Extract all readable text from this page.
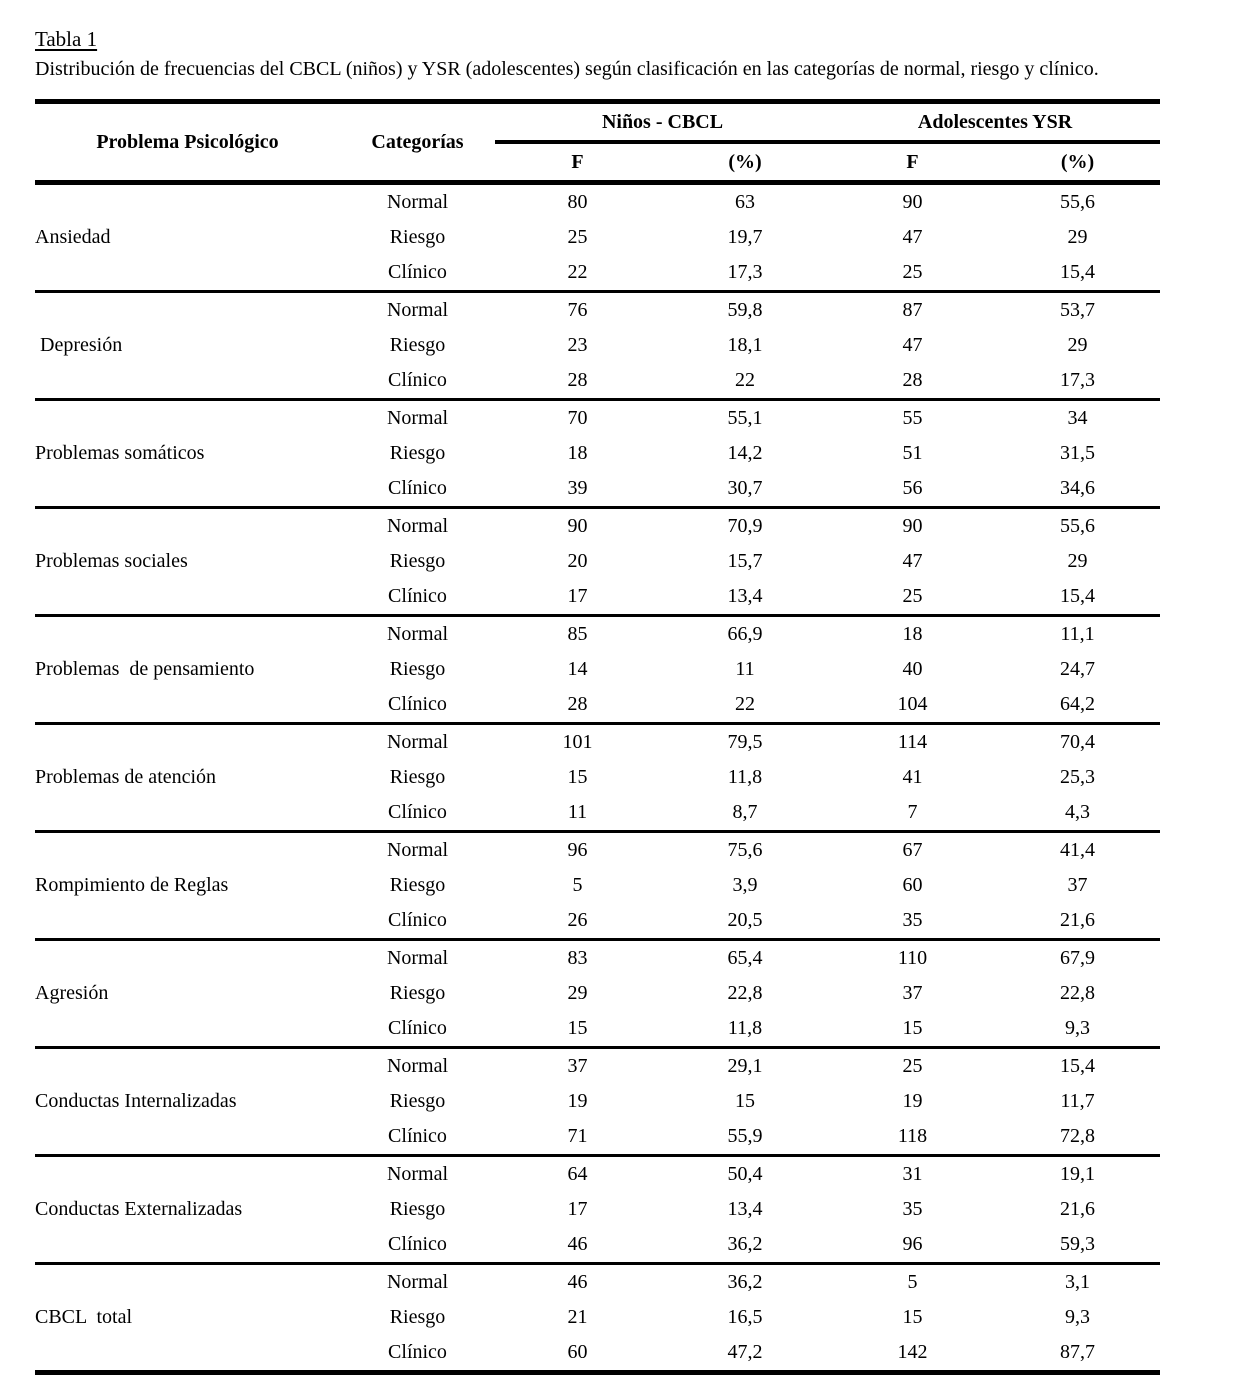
Tabla 1
Distribución de frecuencias del CBCL (niños) y YSR (adolescentes) según clasificación en las categorías de normal, riesgo y clínico.
Problema Psicológico	Categorías	Niños - CBCL		Adolescentes YSR	
		F	(%)	F	(%)
Ansiedad	Normal	80	63	90	55,6
	Riesgo	25	19,7	47	29
	Clínico	22	17,3	25	15,4
Depresión	Normal	76	59,8	87	53,7
	Riesgo	23	18,1	47	29
	Clínico	28	22	28	17,3
Problemas somáticos	Normal	70	55,1	55	34
	Riesgo	18	14,2	51	31,5
	Clínico	39	30,7	56	34,6
Problemas sociales	Normal	90	70,9	90	55,6
	Riesgo	20	15,7	47	29
	Clínico	17	13,4	25	15,4
Problemas  de pensamiento	Normal	85	66,9	18	11,1
	Riesgo	14	11	40	24,7
	Clínico	28	22	104	64,2
Problemas de atención	Normal	101	79,5	114	70,4
	Riesgo	15	11,8	41	25,3
	Clínico	11	8,7	7	4,3
Rompimiento de Reglas	Normal	96	75,6	67	41,4
	Riesgo	5	3,9	60	37
	Clínico	26	20,5	35	21,6
Agresión	Normal	83	65,4	110	67,9
	Riesgo	29	22,8	37	22,8
	Clínico	15	11,8	15	9,3
Conductas Internalizadas	Normal	37	29,1	25	15,4
	Riesgo	19	15	19	11,7
	Clínico	71	55,9	118	72,8
Conductas Externalizadas	Normal	64	50,4	31	19,1
	Riesgo	17	13,4	35	21,6
	Clínico	46	36,2	96	59,3
CBCL  total	Normal	46	36,2	5	3,1
	Riesgo	21	16,5	15	9,3
	Clínico	60	47,2	142	87,7
